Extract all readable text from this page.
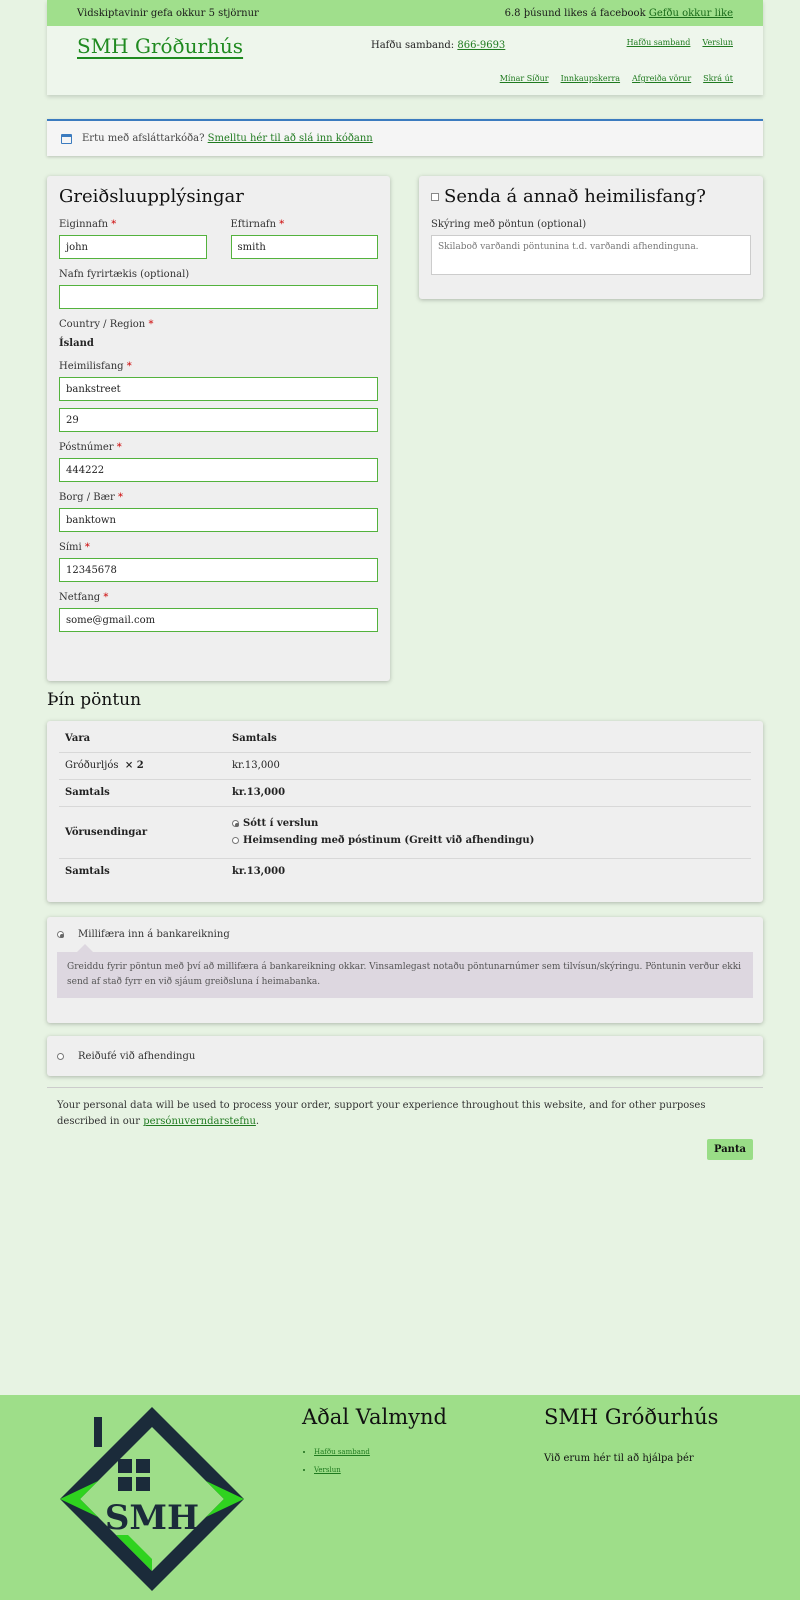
Vidskiptavinir gefa okkur 5 stjörnur	6.8 þúsund likes á facebook Gefðu okkur like
SMH Gróðurhús	Hafðu samband: 866-9693	Hafðu samband Verslun
Mínar Síður Innkaupskerra Afgreiða vörur Skrá út
Ertu með afsláttarkóða?
Smelltu hér til að slá inn kóðann
Greiðsluupplýsingar
Eiginnafn *
john
Eftirnafn *
smith
Nafn fyrirtækis (optional)
Country / Region *
Ísland
Heimilisfang *
bankstreet
29
Póstnúmer *
444222
Borg / Bær *
banktown
Sími *
12345678
Netfang *
some@gmail.com
Senda á annað heimilisfang?
Skýring með pöntun (optional)
Skilaboð varðandi pöntunina t.d. varðandi afhendinguna.
Þín pöntun
Vara	Samtals
Gróðurljós × 2	kr.13,000
Samtals	kr.13,000
Vörusendingar	Sótt í verslun
Heimsending með póstinum (Greitt við afhendingu)

Samtals	kr.13,000
Millifæra inn á bankareikning
Greiddu fyrir pöntun með því að millifæra á bankareikning okkar. Vinsamlegast notaðu pöntunarnúmer sem tilvísun/skýringu. Pöntunin verður ekki send af stað fyrr en við sjáum greiðsluna í heimabanka.
Reiðufé við afhendingu
Your personal data will be used to process your order, support your experience throughout this website, and for other purposes described in our persónuverndarstefnu.
Panta
SMH
Aðal Valmynd
• Hafðu samband
• Verslun
SMH Gróðurhús
Við erum hér til að hjálpa þér
